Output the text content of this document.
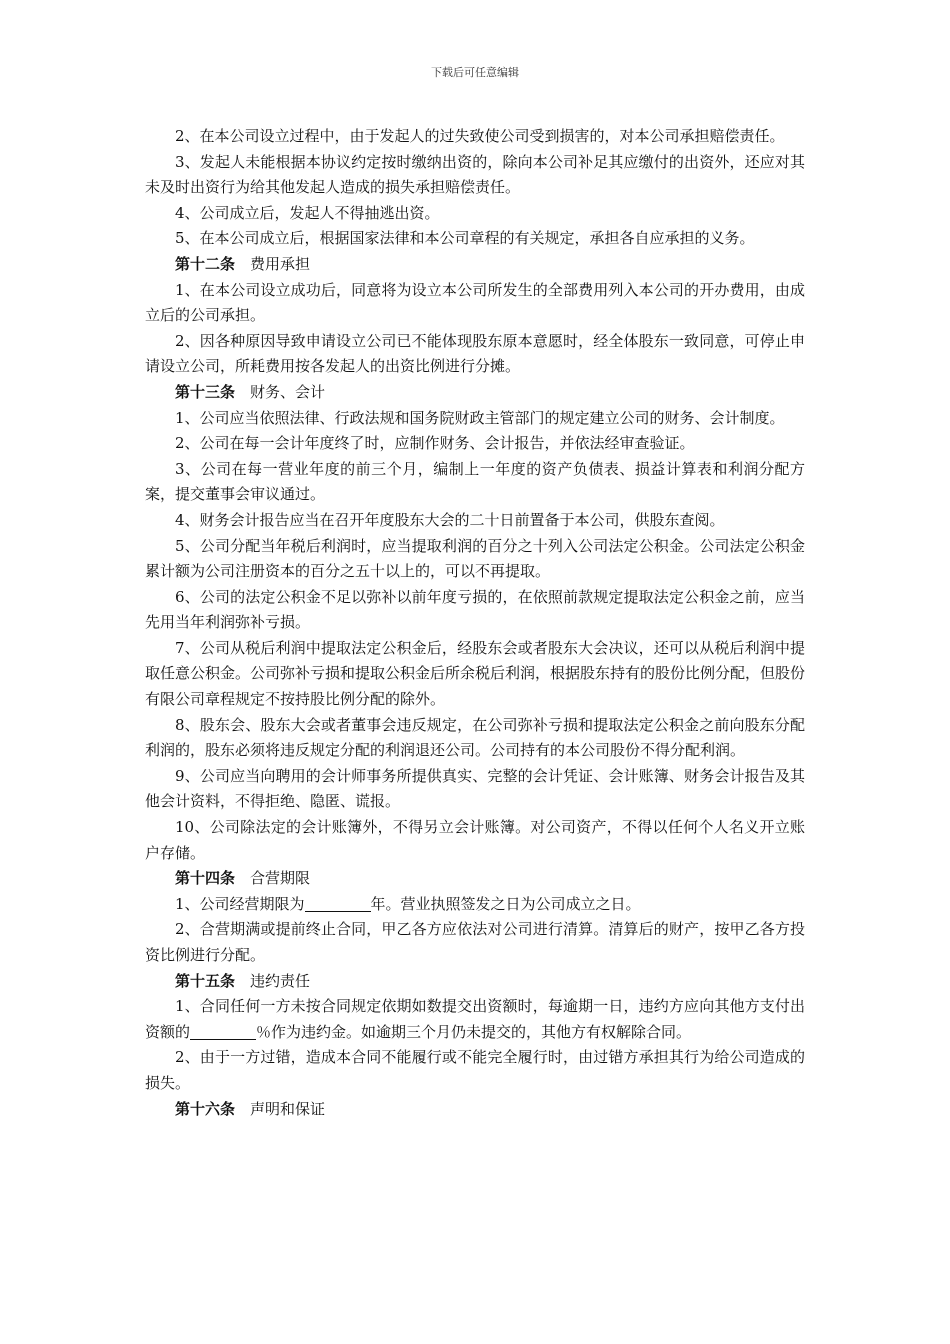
下载后可任意编辑

2、在本公司设立过程中，由于发起人的过失致使公司受到损害的，对本公司承担赔偿责任。

3、发起人未能根据本协议约定按时缴纳出资的，除向本公司补足其应缴付的出资外，还应对其未及时出资行为给其他发起人造成的损失承担赔偿责任。

4、公司成立后，发起人不得抽逃出资。

5、在本公司成立后，根据国家法律和本公司章程的有关规定，承担各自应承担的义务。

第十二条 费用承担

1、在本公司设立成功后，同意将为设立本公司所发生的全部费用列入本公司的开办费用，由成立后的公司承担。

2、因各种原因导致申请设立公司已不能体现股东原本意愿时，经全体股东一致同意，可停止申请设立公司，所耗费用按各发起人的出资比例进行分摊。

第十三条 财务、会计

1、公司应当依照法律、行政法规和国务院财政主管部门的规定建立公司的财务、会计制度。

2、公司在每一会计年度终了时，应制作财务、会计报告，并依法经审查验证。

3、公司在每一营业年度的前三个月，编制上一年度的资产负债表、损益计算表和利润分配方案，提交董事会审议通过。

4、财务会计报告应当在召开年度股东大会的二十日前置备于本公司，供股东查阅。

5、公司分配当年税后利润时，应当提取利润的百分之十列入公司法定公积金。公司法定公积金累计额为公司注册资本的百分之五十以上的，可以不再提取。

6、公司的法定公积金不足以弥补以前年度亏损的，在依照前款规定提取法定公积金之前，应当先用当年利润弥补亏损。

7、公司从税后利润中提取法定公积金后，经股东会或者股东大会决议，还可以从税后利润中提取任意公积金。公司弥补亏损和提取公积金后所余税后利润，根据股东持有的股份比例分配，但股份有限公司章程规定不按持股比例分配的除外。

8、股东会、股东大会或者董事会违反规定，在公司弥补亏损和提取法定公积金之前向股东分配利润的，股东必须将违反规定分配的利润退还公司。公司持有的本公司股份不得分配利润。

9、公司应当向聘用的会计师事务所提供真实、完整的会计凭证、会计账簿、财务会计报告及其他会计资料，不得拒绝、隐匿、谎报。

10、公司除法定的会计账簿外，不得另立会计账簿。对公司资产，不得以任何个人名义开立账户存储。

第十四条 合营期限

1、公司经营期限为	年。营业执照签发之日为公司成立之日。

2、合营期满或提前终止合同，甲乙各方应依法对公司进行清算。清算后的财产，按甲乙各方投资比例进行分配。

第十五条 违约责任

1、合同任何一方未按合同规定依期如数提交出资额时，每逾期一日，违约方应向其他方支付出资额的	％作为违约金。如逾期三个月仍未提交的，其他方有权解除合同。

2、由于一方过错，造成本合同不能履行或不能完全履行时，由过错方承担其行为给公司造成的损失。

第十六条 声明和保证
